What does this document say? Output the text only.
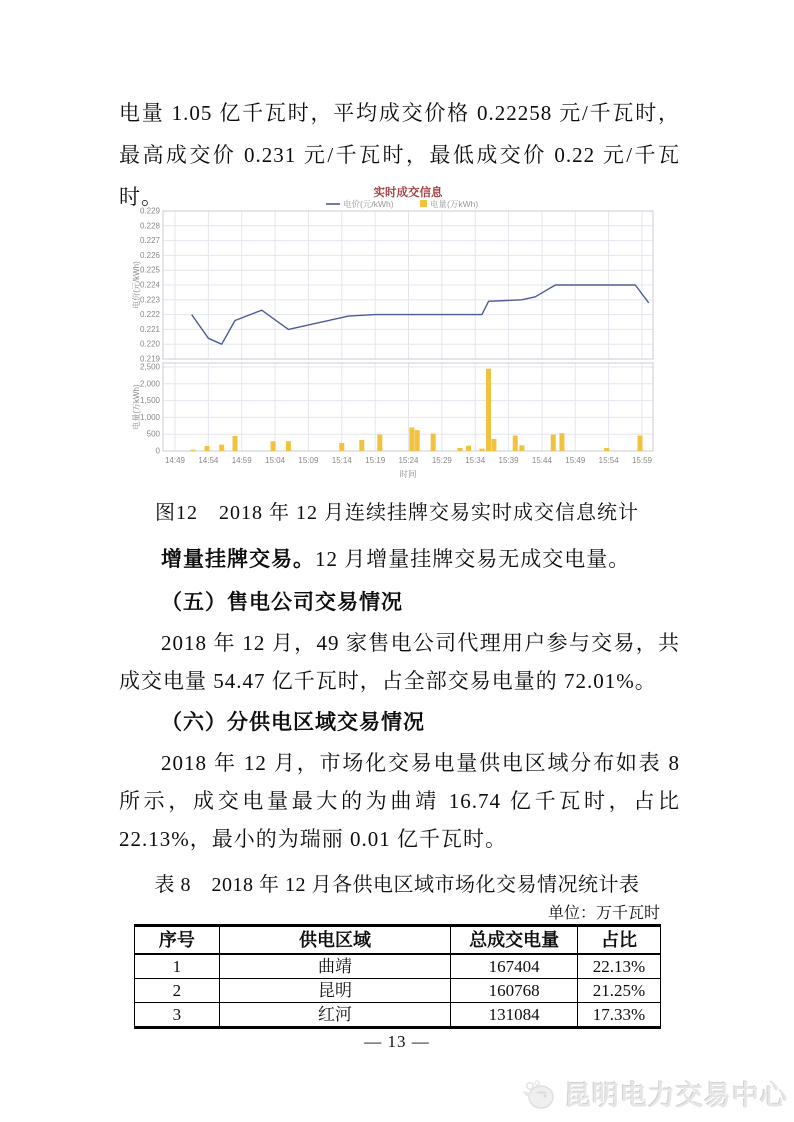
电量 1.05 亿千瓦时，平均成交价格 0.22258 元/千瓦时，最高成交价 0.231 元/千瓦时，最低成交价 0.22 元/千瓦时。	实时成交信息
电价(元/kWh)	电量(万kWh)
0.219
0.220
0.221
0.222
0.223
0.224
0.225
0.226
0.227
0.228
0.229
电价(元/kWh)
0
500
1,000
1,500
2,000
2,500
电量(万kWh)
14:49 14:54 14:59 15:04 15:09 15:14 15:19 15:24 15:29 15:34 15:39 15:44 15:49 15:54 15:59
时间
图12　2018 年 12 月连续挂牌交易实时成交信息统计
增量挂牌交易。12 月增量挂牌交易无成交电量。
（五）售电公司交易情况
2018 年 12 月，49 家售电公司代理用户参与交易，共成交电量 54.47 亿千瓦时，占全部交易电量的 72.01%。
（六）分供电区域交易情况
2018 年 12 月，市场化交易电量供电区域分布如表 8 所示，成交电量最大的为曲靖 16.74 亿千瓦时，占比 22.13%，最小的为瑞丽 0.01 亿千瓦时。
表 8　2018 年 12 月各供电区域市场化交易情况统计表
单位：万千瓦时
序号	供电区域	总成交电量	占比
1	曲靖	167404	22.13%
2	昆明	160768	21.25%
3	红河	131084	17.33%
— 13 —
昆明电力交易中心
